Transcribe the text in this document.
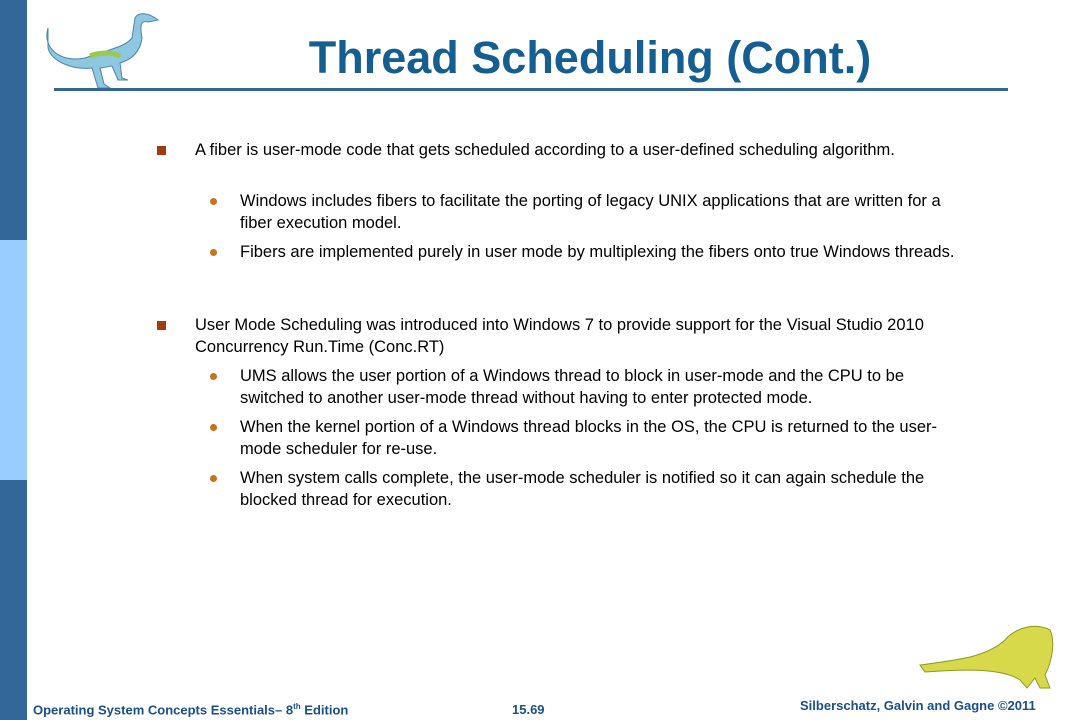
Thread Scheduling (Cont.)
A fiber is user-mode code that gets scheduled according to a user-defined scheduling algorithm.
Windows includes fibers to facilitate the porting of legacy UNIX applications that are written for a fiber execution model.
Fibers are implemented purely in user mode by multiplexing the fibers onto true Windows threads.
User Mode Scheduling was introduced into Windows 7 to provide support for the Visual Studio 2010 Concurrency Run.Time (Conc.RT)
UMS allows the user portion of a Windows thread to block in user-mode and the CPU to be switched to another user-mode thread without having to enter protected mode.
When the kernel portion of a Windows thread blocks in the OS, the CPU is returned to the user-mode scheduler for re-use.
When system calls complete, the user-mode scheduler is notified so it can again schedule the blocked thread for execution.
Operating System Concepts Essentials– 8th Edition	15.69	Silberschatz, Galvin and Gagne ©2011
